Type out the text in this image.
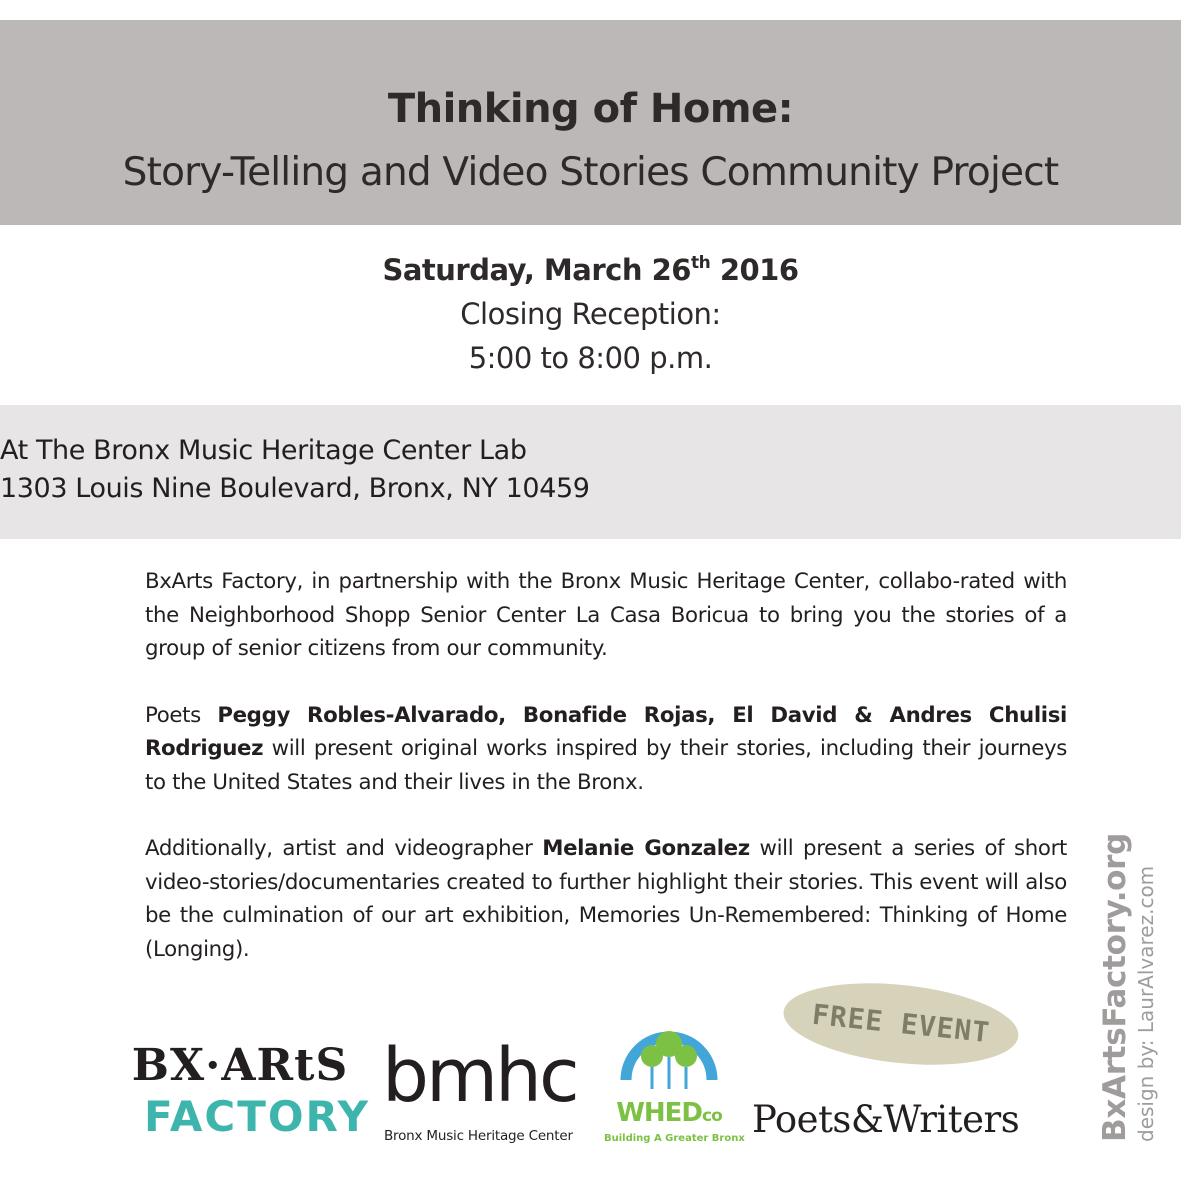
Thinking of Home:
Story-Telling and Video Stories Community Project
Saturday, March 26th 2016
Closing Reception:
5:00 to 8:00 p.m.
At The Bronx Music Heritage Center Lab
1303 Louis Nine Boulevard, Bronx, NY 10459

BxArts Factory, in partnership with the Bronx Music Heritage Center, collabo-rated with the Neighborhood Shopp Senior Center La Casa Boricua to bring you the stories of a group of senior citizens from our community.

Poets Peggy Robles-Alvarado, Bonafide Rojas, El David & Andres Chulisi Rodriguez will present original works inspired by their stories, including their journeys to the United States and their lives in the Bronx.

Additionally, artist and videographer Melanie Gonzalez will present a series of short video-stories/documentaries created to further highlight their stories. This event will also be the culmination of our art exhibition, Memories Un-Remembered: Thinking of Home (Longing).	BxArtsFactory.org design by: LaurAlvarez.com
FREE EVENT
BX·ARtS
FACTORY bmhc
Bronx Music Heritage Center
WHEDco
Building A Greater Bronx Poets&Writers
